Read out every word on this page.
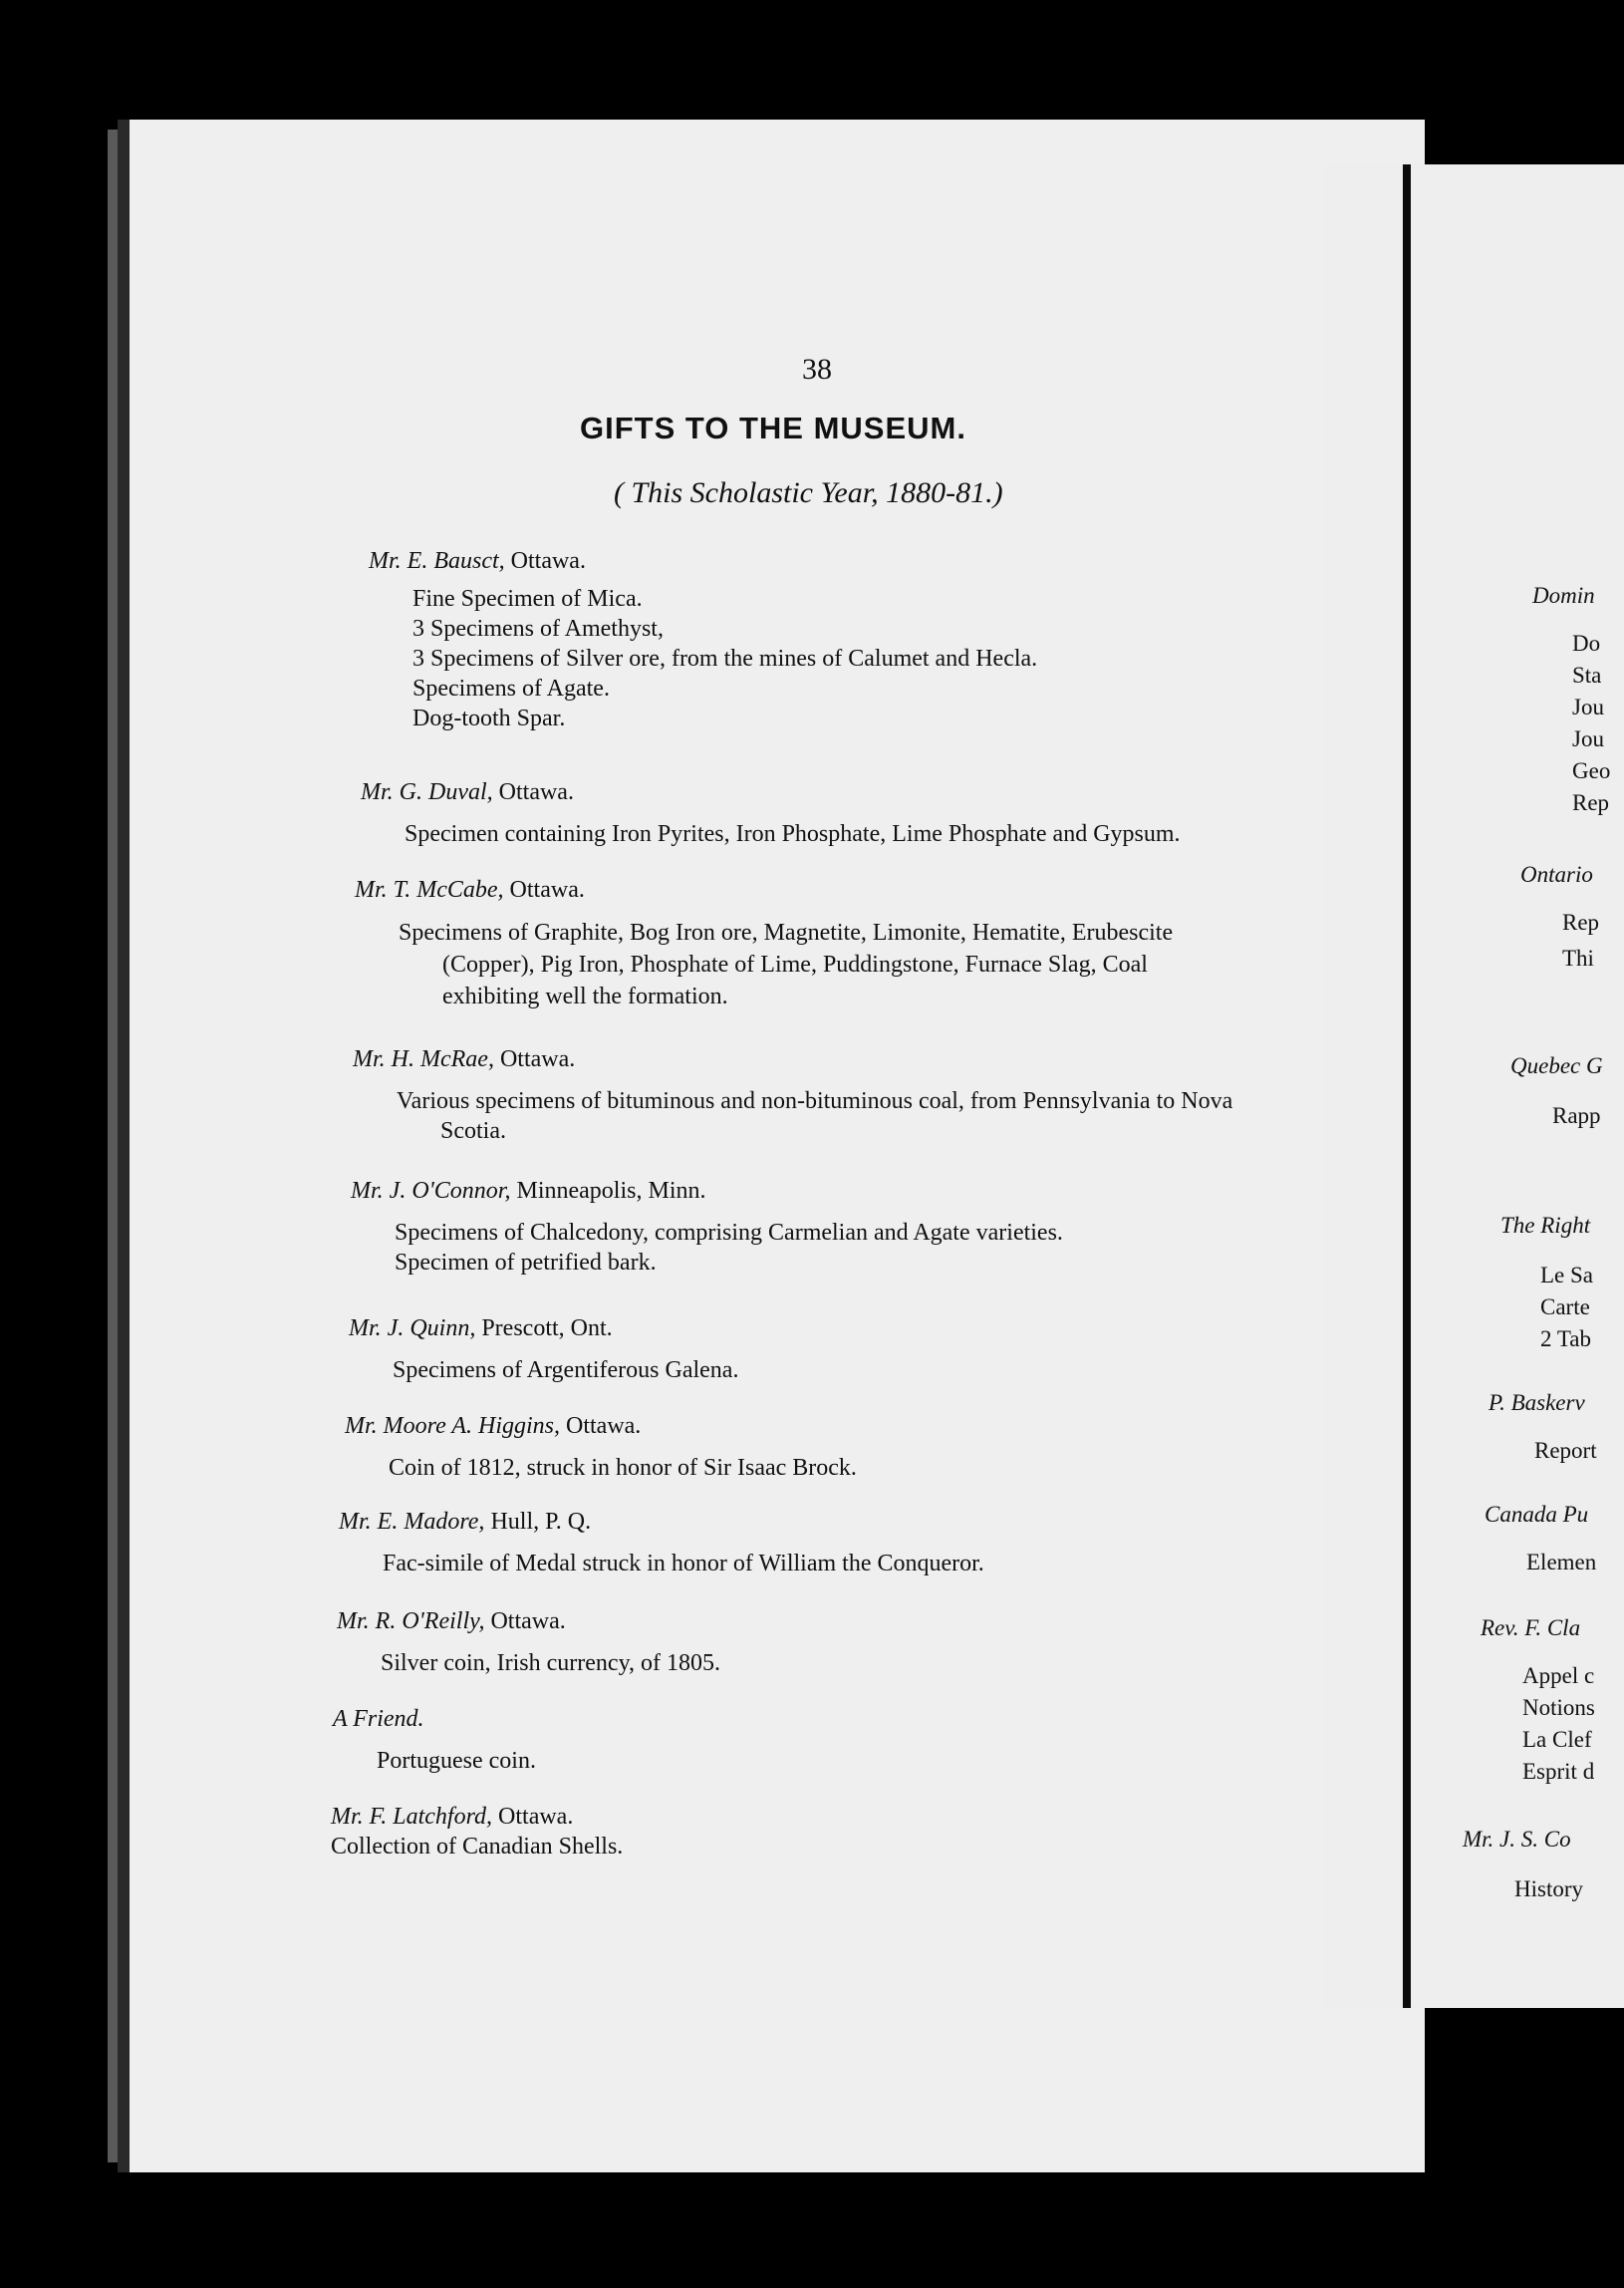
38
GIFTS TO THE MUSEUM.
( This Scholastic Year, 1880-81.)
Mr. E. Bausct, Ottawa.
Fine Specimen of Mica.
3 Specimens of Amethyst,
3 Specimens of Silver ore, from the mines of Calumet and Hecla.
Specimens of Agate.
Dog-tooth Spar.
Mr. G. Duval, Ottawa.
Specimen containing Iron Pyrites, Iron Phosphate, Lime Phosphate and Gypsum.
Mr. T. McCabe, Ottawa.
Specimens of Graphite, Bog Iron ore, Magnetite, Limonite, Hematite, Erubescite (Copper), Pig Iron, Phosphate of Lime, Puddingstone, Furnace Slag, Coal exhibiting well the formation.
Mr. H. McRae, Ottawa.
Various specimens of bituminous and non-bituminous coal, from Pennsylvania to Nova Scotia.
Mr. J. O'Connor, Minneapolis, Minn.
Specimens of Chalcedony, comprising Carmelian and Agate varieties.
Specimen of petrified bark.
Mr. J. Quinn, Prescott, Ont.
Specimens of Argentiferous Galena.
Mr. Moore A. Higgins, Ottawa.
Coin of 1812, struck in honor of Sir Isaac Brock.
Mr. E. Madore, Hull, P. Q.
Fac-simile of Medal struck in honor of William the Conqueror.
Mr. R. O'Reilly, Ottawa.
Silver coin, Irish currency, of 1805.
A Friend.
Portuguese coin.
Mr. F. Latchford, Ottawa.
Collection of Canadian Shells.
Domin
Do
Sta
Jou
Jou
Geo
Rep
Ontario
Rep
Thi
Quebec G
Rapp
The Right
Le Sa
Carte
2 Tab
P. Baskerv
Report
Canada Pu
Elemen
Rev. F. Cla
Appel c
Notions
La Clef
Esprit d
Mr. J. S. Co
History
